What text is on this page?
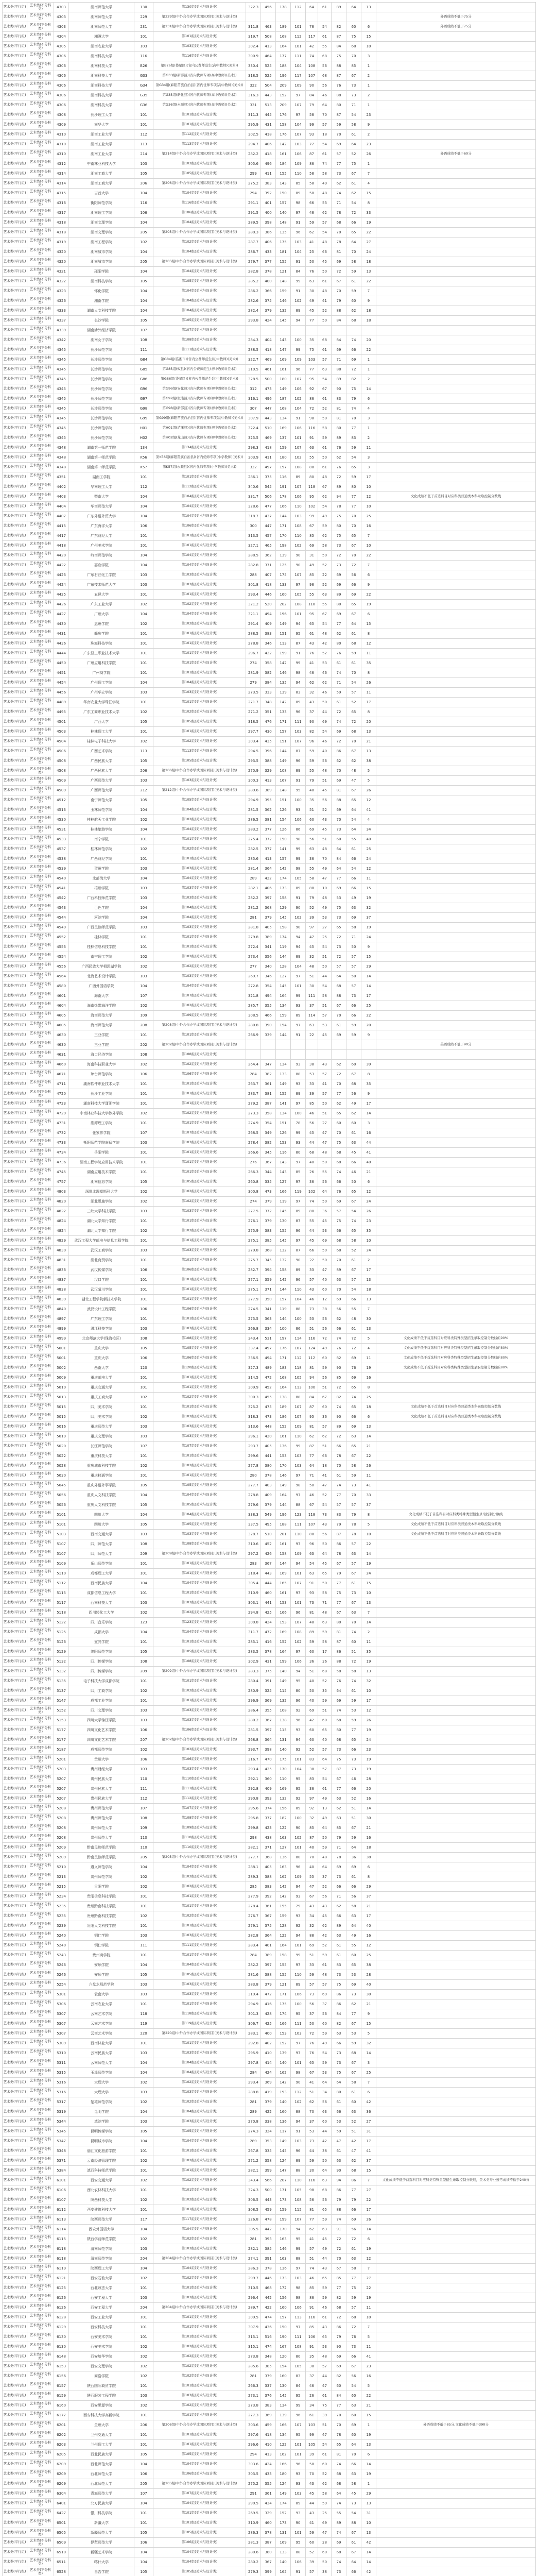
艺术类(平行组)	艺术类(不分科类)	4303	湖南师范大学	130	第130组(美术与设计类)	322.3	456	178	112	64	61	89	64	13	
艺术类(平行组)	艺术类(不分科类)	4303	湖南师范大学	229	第229组(中外合作办学或国际项目)(美术与设计类)										外语成绩不低于75分
艺术类(平行组)	艺术类(不分科类)	4303	湖南师范大学	231	第231组(中外合作办学或国际项目)(美术与设计类)	311.8	463	189	101	78	54	82	60	6	外语成绩不低于75分
艺术类(平行组)	艺术类(不分科类)	4304	湘潭大学	101	第101组(美术与设计类)	319.7	508	168	112	117	61	87	75	15	
艺术类(平行组)	艺术类(不分科类)	4305	湖南农业大学	103	第103组(美术与设计类)	302.4	413	164	101	42	55	84	68	10	
艺术类(平行组)	艺术类(不分科类)	4306	湖南科技大学	116	第116组(美术与设计类)	300.9	464	177	111	74	68	75	70	3	
艺术类(平行组)	艺术类(不分科类)	4306	湖南科技大学	B26	第B26组(娄星区)(省内公费师范生(高中教师)(美术))	330.4	525	188	104	108	56	88	85	1	
艺术类(平行组)	艺术类(不分科类)	4306	湖南科技大学	G33	第G33组(新邵县)(省内优师专项(高中教师)(美术))	318.5	525	196	117	107	68	87	67	2	
艺术类(平行组)	艺术类(不分科类)	4306	湖南科技大学	G34	第G34组(麻阳苗族自治县)(省内优师专项(高中教师)(美术))	322	504	209	109	90	56	76	73	1	
艺术类(平行组)	艺术类(不分科类)	4306	湖南科技大学	G35	第G35组(新化县)(省内优师专项(高中教师)(美术))	316.3	443	152	97	84	46	88	73	2	
艺术类(平行组)	艺术类(不分科类)	4306	湖南科技大学	G36	第G36组(永顺县)(省内优师专项(高中教师)(美术))	331	513	209	107	79	64	80	71	1	
艺术类(平行组)	艺术类(不分科类)	4308	长沙理工大学	101	第101组(美术与设计类)	311.3	445	176	97	58	70	87	54	23	
艺术类(平行组)	艺术类(不分科类)	4309	南华大学	101	第101组(美术与设计类)	295.9	431	158	104	99	57	59	58	9	
艺术类(平行组)	艺术类(不分科类)	4310	湖南工业大学	112	第112组(美术与设计类)	302.5	418	176	107	93	18	70	61	2	
艺术类(平行组)	艺术类(不分科类)	4310	湖南工业大学	113	第113组(美术与设计类)	294.7	406	142	103	77	54	69	64	23	
艺术类(平行组)	艺术类(不分科类)	4310	湖南工业大学	214	第214组(中外合作办学或国际项目)(美术与设计类)	282.2	418	161	106	87	61	57	52	26	外语成绩不低于60分
艺术类(平行组)	艺术类(不分科类)	4312	中南林业科技大学	103	第103组(美术与设计类)	305.6	496	184	109	86	74	77	75	1	
艺术类(平行组)	艺术类(不分科类)	4314	湖南工商大学	105	第105组(美术与设计类)	299	411	155	110	58	58	73	67	7	
艺术类(平行组)	艺术类(不分科类)	4314	湖南工商大学	206	第206组(中外合作办学或国际项目)(美术与设计类)	275.2	383	143	85	58	49	62	61	4	
艺术类(平行组)	艺术类(不分科类)	4315	吉首大学	104	第104组(美术与设计类)	294	392	150	89	58	48	74	62	15	
艺术类(平行组)	艺术类(不分科类)	4316	衡阳师范学院	116	第116组(美术与设计类)	291.1	401	157	98	66	53	71	54	8	
艺术类(平行组)	艺术类(不分科类)	4317	湖南理工学院	106	第106组(美术与设计类)	291.5	400	140	97	48	62	78	72	33	
艺术类(平行组)	艺术类(不分科类)	4318	湖南文理学院	104	第104组(美术与设计类)	289.5	398	148	91	59	57	68	66	19	
艺术类(平行组)	艺术类(不分科类)	4318	湖南文理学院	205	第205组(中外合作办学或国际项目)(美术与设计类)	280.3	386	135	96	62	54	70	65	22	
艺术类(平行组)	艺术类(不分科类)	4319	湖南工程学院	102	第102组(美术与设计类)	287.7	406	175	103	41	48	78	64	27	
艺术类(平行组)	艺术类(不分科类)	4320	湖南城市学院	104	第104组(美术与设计类)	286.7	433	181	104	25	66	81	70	24	
艺术类(平行组)	艺术类(不分科类)	4320	湖南城市学院	205	第205组(中外合作办学或国际项目)(美术与设计类)	279.7	377	155	91	50	45	69	58	18	
艺术类(平行组)	艺术类(不分科类)	4321	邵阳学院	104	第104组(美术与设计类)	282.8	378	121	84	76	50	72	59	13	
艺术类(平行组)	艺术类(不分科类)	4322	湖南科技学院	105	第105组(美术与设计类)	285.2	400	148	99	63	61	67	61	22	
艺术类(平行组)	艺术类(不分科类)	4323	怀化学院	104	第104组(美术与设计类)	286.2	366	159	91	30	48	70	59	7	
艺术类(平行组)	艺术类(不分科类)	4326	湘南学院	104	第104组(美术与设计类)	282.6	375	146	102	49	41	79	60	9	
艺术类(平行组)	艺术类(不分科类)	4333	湖南人文科技学院	104	第104组(美术与设计类)	282.4	379	132	89	45	52	88	62	18	
艺术类(平行组)	艺术类(不分科类)	4337	长沙学院	105	第105组(美术与设计类)	293.8	424	145	94	77	50	84	68	18	
艺术类(平行组)	艺术类(不分科类)	4339	湖南涉外经济学院	107	第107组(美术与设计类)										
艺术类(平行组)	艺术类(不分科类)	4342	湖南女子学院	108	第108组(美术与设计类)	284.3	404	143	100	35	68	84	74	20	
艺术类(平行组)	艺术类(不分科类)	4345	长沙师范学院	111	第111组(美术与设计类)	288.5	418	147	99	75	61	69	66	22	
艺术类(平行组)	艺术类(不分科类)	4345	长沙师范学院	G84	第G84组(临湘市)(省内公费师范生(初中教师)(美术))	322.7	469	169	109	103	57	71	69	1	
艺术类(平行组)	艺术类(不分科类)	4345	长沙师范学院	G85	第G85组(攸县)(省内公费师范生(初中教师)(美术))	310.5	461	161	96	77	63	88	72	1	
艺术类(平行组)	艺术类(不分科类)	4345	长沙师范学院	G86	第G86组(娄星区)(省内公费师范生(初中教师)(美术))	328.5	500	180	107	95	54	89	82	2	
艺术类(平行组)	艺术类(不分科类)	4345	长沙师范学院	G96	第G96组(安化县)(省内优师专项(初中教师)(美术))	312	473	149	106	92	67	90	75	14	
艺术类(平行组)	艺术类(不分科类)	4345	长沙师范学院	G97	第G97组(溆浦县)(省内优师专项(初中教师)(美术))	316.1	496	187	102	86	61	83	79	6	
艺术类(平行组)	艺术类(不分科类)	4345	长沙师范学院	G98	第G98组(新邵县)(省内优师专项(初中教师)(美术))	307	447	168	104	72	52	81	74	4	
艺术类(平行组)	艺术类(不分科类)	4345	长沙师范学院	G99	第G99组(麻阳苗族自治县)(省内优师专项(初中教师)(美术))	307.9	443	134	91	98	50	81	70	3	
艺术类(平行组)	艺术类(不分科类)	4345	长沙师范学院	H01	第H01组(泸溪县)(省内优师专项(初中教师)(美术))	322.4	510	169	106	116	58	80	77	1	
艺术类(平行组)	艺术类(不分科类)	4345	长沙师范学院	H02	第H02组(龙山县)(省内优师专项(初中教师)(美术))	325.5	469	137	101	91	59	89	83	2	
艺术类(平行组)	艺术类(不分科类)	4348	湖南第一师范学院	134	第134组(美术与设计类)	298.3	418	159	107	63	61	76	59	11	
艺术类(平行组)	艺术类(不分科类)	4348	湖南第一师范学院	K56	第K56组(麻阳苗族自治县)(省内优师专项(小学教师)(美术))	303.9	411	180	102	55	50	62	54	3	
艺术类(平行组)	艺术类(不分科类)	4348	湖南第一师范学院	K57	第K57组(永顺县)(省内优师专项(小学教师)(美术))	322	497	197	108	88	61	76	65	3	
艺术类(平行组)	艺术类(不分科类)	4351	湖南工学院	101	第101组(美术与设计类)	286.1	375	116	89	80	48	72	59	17	
艺术类(平行组)	艺术类(不分科类)	4402	华南理工大学	112	第112组(美术与设计类)	340.6	545	191	107	118	67	89	80	10	
艺术类(平行组)	艺术类(不分科类)	4403	暨南大学	104	第104组(美术与设计类)	331.7	506	178	106	95	62	94	77	12	文化成绩不低于首选科目对应科类普通类本科录取控制分数线
艺术类(平行组)	艺术类(不分科类)	4404	华南师范大学	104	第104组(美术与设计类)	328.6	477	166	110	102	54	78	77	10	
艺术类(平行组)	艺术类(不分科类)	4407	广东外语外贸大学	104	第104组(美术与设计类)	318.7	437	144	103	99	49	75	70	25	
艺术类(平行组)	艺术类(不分科类)	4415	广东海洋大学	106	第106组(美术与设计类)	300	447	171	108	67	59	80	70	16	
艺术类(平行组)	艺术类(不分科类)	4417	广东财经大学	101	第101组(美术与设计类)	313.5	457	170	110	85	62	75	65	7	
艺术类(平行组)	艺术类(不分科类)	4418	广州美术学院	101	第101组(美术与设计类)	327.1	465	198	102	69	58	73	67	10	
艺术类(平行组)	艺术类(不分科类)	4420	岭南师范学院	104	第104组(美术与设计类)	288.5	362	139	90	31	50	72	70	22	
艺术类(平行组)	艺术类(不分科类)	4422	嘉应学院	104	第104组(美术与设计类)	282.8	371	125	90	49	52	73	72	7	
艺术类(平行组)	艺术类(不分科类)	4423	广东石油化工学院	103	第103组(美术与设计类)	288	407	175	107	85	22	69	56	6	
艺术类(平行组)	艺术类(不分科类)	4424	广东技术师范大学	103	第103组(美术与设计类)	301.8	418	133	97	98	52	69	66	9	
艺术类(平行组)	艺术类(不分科类)	4425	五邑大学	101	第101组(美术与设计类)	293.4	446	160	105	55	63	89	69	22	
艺术类(平行组)	艺术类(不分科类)	4426	广东工业大学	102	第102组(美术与设计类)	321.2	520	202	108	118	55	80	65	19	
艺术类(平行组)	艺术类(不分科类)	4427	广州大学	104	第104组(美术与设计类)	321.1	494	196	101	95	67	69	67	6	
艺术类(平行组)	艺术类(不分科类)	4430	惠州学院	102	第102组(美术与设计类)	291.4	409	149	94	65	54	77	64	15	
艺术类(平行组)	艺术类(不分科类)	4431	肇庆学院	101	第101组(美术与设计类)	288.5	383	151	95	61	48	62	61	8	
艺术类(平行组)	艺术类(不分科类)	4436	珠海科技学院	101	第101组(美术与设计类)	278.8	346	113	87	43	42	80	68	12	
艺术类(平行组)	艺术类(不分科类)	4444	广东轻工职业技术大学	101	第101组(美术与设计类)	296.7	422	159	91	76	52	76	59	11	
艺术类(平行组)	艺术类(不分科类)	4450	广州应用科技学院	101	第101组(美术与设计类)	274	358	142	99	41	53	61	61	35	
艺术类(平行组)	艺术类(不分科类)	4451	广州商学院	101	第101组(美术与设计类)	281.9	382	146	98	46	46	74	70	8	
艺术类(平行组)	艺术类(不分科类)	4454	广州理工学院	104	第104组(美术与设计类)	279	384	135	94	62	62	71	54	26	
艺术类(平行组)	艺术类(不分科类)	4456	广州华立学院	103	第103组(美术与设计类)	273.5	333	139	83	32	46	59	57	11	
艺术类(平行组)	艺术类(不分科类)	4489	华南农业大学珠江学院	101	第101组(美术与设计类)	271.7	348	142	89	43	50	61	52	17	
艺术类(平行组)	艺术类(不分科类)	4495	广东工商职业技术大学	102	第102组(美术与设计类)	271.2	351	133	96	37	44	72	65	8	
艺术类(平行组)	艺术类(不分科类)	4501	广西大学	105	第105组(美术与设计类)	318.5	476	171	111	90	69	74	72	20	
艺术类(平行组)	艺术类(不分科类)	4503	桂林理工大学	101	第101组(美术与设计类)	297.7	430	157	103	82	54	69	68	13	
艺术类(平行组)	艺术类(不分科类)	4504	桂林电子科技大学	102	第102组(美术与设计类)	303.4	435	151	107	96	46	72	70	21	
艺术类(平行组)	艺术类(不分科类)	4506	广西艺术学院	113	第113组(美术与设计类)	294.5	396	144	87	59	40	86	67	13	
艺术类(平行组)	艺术类(不分科类)	4508	广西民族大学	105	第105组(美术与设计类)	293.5	388	149	96	59	56	62	62	38	
艺术类(平行组)	艺术类(不分科类)	4508	广西民族大学	206	第206组(中外合作办学或国际项目)(美术与设计类)	270.9	329	108	89	55	48	70	48	5	
艺术类(平行组)	艺术类(不分科类)	4509	广西师范大学	103	第103组(美术与设计类)	300.3	413	167	91	79	51	69	47	5	
艺术类(平行组)	艺术类(不分科类)	4509	广西师范大学	212	第212组(中外合作办学或国际项目)(美术与设计类)	289.6	389	148	95	48	45	81	67	26	
艺术类(平行组)	艺术类(不分科类)	4512	南宁师范大学	105	第105组(美术与设计类)	294.9	395	151	100	35	56	88	65	12	
艺术类(平行组)	艺术类(不分科类)	4513	玉林师范学院	104	第104组(美术与设计类)	281.5	362	126	93	51	52	69	64	41	
艺术类(平行组)	艺术类(不分科类)	4530	桂林航天工业学院	102	第102组(美术与设计类)	286.5	381	154	106	60	43	70	54	4	
艺术类(平行组)	艺术类(不分科类)	4531	桂林旅游学院	104	第104组(美术与设计类)	283.2	377	126	86	69	45	73	64	34	
艺术类(平行组)	艺术类(不分科类)	4533	南宁学院	101	第101组(美术与设计类)	275.4	372	150	98	56	51	60	55	40	
艺术类(平行组)	艺术类(不分科类)	4537	桂林师范学院	102	第102组(美术与设计类)	282.5	377	141	99	63	48	64	61	25	
艺术类(平行组)	艺术类(不分科类)	4538	广西财经学院	101	第101组(美术与设计类)	285.6	413	157	99	36	70	84	66	24	
艺术类(平行组)	艺术类(不分科类)	4539	贺州学院	103	第103组(美术与设计类)	281.4	364	142	98	55	49	64	54	12	
艺术类(平行组)	艺术类(不分科类)	4540	北部湾大学	104	第104组(美术与设计类)	289	422	174	105	58	47	77	66	11	
艺术类(平行组)	艺术类(不分科类)	4541	梧州学院	103	第103组(美术与设计类)	282.1	406	173	89	88	10	69	66	15	
艺术类(平行组)	艺术类(不分科类)	4542	广西科技师范学院	103	第103组(美术与设计类)	282.2	397	158	91	79	48	53	49	19	
艺术类(平行组)	艺术类(不分科类)	4543	百色学院	104	第104组(美术与设计类)	281.2	368	129	90	52	49	75	63	32	
艺术类(平行组)	艺术类(不分科类)	4544	河池学院	104	第104组(美术与设计类)	281	379	145	102	39	53	73	69	37	
艺术类(平行组)	艺术类(不分科类)	4549	广西民族师范学院	103	第103组(美术与设计类)	281.8	405	158	90	97	27	65	58	19	
艺术类(平行组)	艺术类(不分科类)	4552	桂林学院	101	第101组(美术与设计类)	279.8	389	174	94	47	25	72	71	24	
艺术类(平行组)	艺术类(不分科类)	4553	桂林信息科技学院	101	第101组(美术与设计类)	272.4	341	119	94	45	54	73	50	9	
艺术类(平行组)	艺术类(不分科类)	4554	南宁理工学院	102	第102组(美术与设计类)	273.4	356	144	89	32	51	72	57	15	
艺术类(平行组)	艺术类(不分科类)	4556	广西民族大学相思湖学院	102	第102组(美术与设计类)	277	340	128	104	48	50	57	57	29	
艺术类(平行组)	艺术类(不分科类)	4564	北海艺术设计学院	103	第103组(美术与设计类)	269.7	346	127	97	51	44	64	50	14	
艺术类(平行组)	艺术类(不分科类)	4580	广西外国语学院	104	第104组(美术与设计类)	272.8	354	145	101	30	54	68	57	14	
艺术类(平行组)	艺术类(不分科类)	4601	海南大学	107	第107组(美术与设计类)	321.8	494	164	99	111	58	88	73	17	
艺术类(平行组)	艺术类(不分科类)	4604	海南热带海洋学院	102	第102组(美术与设计类)	285.7	355	134	93	37	51	67	66	25	
艺术类(平行组)	艺术类(不分科类)	4605	海南师范大学	109	第109组(美术与设计类)	308.5	466	159	89	114	57	70	66	22	
艺术类(平行组)	艺术类(不分科类)	4605	海南师范大学	208	第208组(中外合作办学或国际项目)(美术与设计类)	280.8	390	154	97	63	53	61	59	20	
艺术类(平行组)	艺术类(不分科类)	4630	三亚学院	101	第101组(美术与设计类)	266.9	339	144	91	22	45	69	59	9	
艺术类(平行组)	艺术类(不分科类)	4630	三亚学院	202	第202组(中外合作办学或国际项目)(美术与设计类)										英语成绩不低于90分
艺术类(平行组)	艺术类(不分科类)	4631	海口经济学院	108	第108组(美术与设计类)										
艺术类(平行组)	艺术类(不分科类)	4660	海南科技职业大学	102	第102组(美术与设计类)	264.4	347	134	93	38	43	62	60	39	
艺术类(平行组)	艺术类(不分科类)	4671	琼台师范学院	106	第106组(美术与设计类)	284	382	133	88	53	57	72	67	8	
艺术类(平行组)	艺术类(不分科类)	4711	湖南软件职业技术大学	101	第101组(美术与设计类)	263.7	361	149	93	33	41	70	68	35	
艺术类(平行组)	艺术类(不分科类)	4720	长沙工业学院	101	第101组(美术与设计类)	283.7	381	152	89	39	57	77	56	9	
艺术类(平行组)	艺术类(不分科类)	4723	湖南科技大学潇湘学院	101	第101组(美术与设计类)	279.2	387	141	97	85	50	62	49	17	
艺术类(平行组)	艺术类(不分科类)	4729	中南林业科技大学涉外学院	102	第102组(美术与设计类)	273.3	358	134	100	46	51	65	62	14	
艺术类(平行组)	艺术类(不分科类)	4731	湘潭理工学院	101	第101组(美术与设计类)	274.9	354	151	78	56	27	60	60	3	
艺术类(平行组)	艺术类(不分科类)	4732	张家界学院	107	第107组(美术与设计类)	268.5	349	126	99	45	47	70	61	16	
艺术类(平行组)	艺术类(不分科类)	4733	衡阳师范学院南岳学院	103	第103组(美术与设计类)	278.4	382	153	93	44	47	75	63	44	
艺术类(平行组)	艺术类(不分科类)	4734	岳阳学院	101	第101组(美术与设计类)	266.6	345	116	80	68	48	68	45	41	
艺术类(平行组)	艺术类(不分科类)	4736	湖南工程学院应用技术学院	101	第101组(美术与设计类)	276	367	143	97	40	50	68	66	40	
艺术类(平行组)	艺术类(不分科类)	4745	湖南应用技术学院	101	第101组(美术与设计类)	266.3	344	143	85	26	55	74	46	21	
艺术类(平行组)	艺术类(不分科类)	4757	湖南信息学院	105	第105组(美术与设计类)	260.8	335	127	97	36	56	66	50	6	
艺术类(平行组)	艺术类(不分科类)	4803	深圳北理莫斯科大学	102	第102组(美术与设计类)	300.8	473	166	119	102	64	76	65	12	
艺术类(平行组)	艺术类(不分科类)	4820	湖北恩施学院	102	第102组(美术与设计类)	274	379	119	97	74	50	69	67	24	
艺术类(平行组)	艺术类(不分科类)	4822	三峡大学科技学院	103	第103组(美术与设计类)	277.5	372	145	89	80	36	57	54	26	
艺术类(平行组)	艺术类(不分科类)	4824	湖北大学知行学院	101	第101组(美术与设计类)	276.1	379	130	87	55	45	75	74	23	
艺术类(平行组)	艺术类(不分科类)	4824	湖北大学知行学院	102	第102组(美术与设计类)	275.9	383	155	96	44	53	66	65	35	
艺术类(平行组)	艺术类(不分科类)	4829	武汉工程大学邮电与信息工程学院	101	第101组(美术与设计类)	275.1	385	145	97	45	69	68	58	10	
艺术类(平行组)	艺术类(不分科类)	4830	武汉工商学院	103	第103组(美术与设计类)	279.8	368	132	87	66	50	68	52	24	
艺术类(平行组)	艺术类(不分科类)	4831	湖北商贸学院	101	第101组(美术与设计类)	275.7	345	132	90	22	50	70	61	2	
艺术类(平行组)	艺术类(不分科类)	4836	武汉传媒学院	106	第106组(美术与设计类)	282.7	394	158	89	33	47	89	67	17	
艺术类(平行组)	艺术类(不分科类)	4837	汉口学院	101	第101组(美术与设计类)	277.1	359	142	96	57	40	63	57	13	
艺术类(平行组)	艺术类(不分科类)	4838	武汉晴川学院	101	第101组(美术与设计类)	275.1	371	144	110	43	60	70	54	18	
艺术类(平行组)	艺术类(不分科类)	4839	湖北工程学院新技术学院	101	第101组(美术与设计类)	277.9	350	157	104	46	12	69	66	13	
艺术类(平行组)	艺术类(不分科类)	4840	武汉设计工程学院	106	第106组(美术与设计类)	274.5	341	119	88	73	38	56	55	7	
艺术类(平行组)	艺术类(不分科类)	4897	广东理工学院	101	第101组(美术与设计类)	275.5	363	144	100	53	56	62	48	30	
艺术类(平行组)	艺术类(不分科类)	4899	湛江科技学院	103	第103组(美术与设计类)	266.8	334	100	86	51	56	66	61	13	
艺术类(平行组)	艺术类(不分科类)	4999	北京师范大学(珠海校区)	108	第108组(美术与设计类)	343.4	531	197	114	116	72	74	72	5	文化成绩不低于首选科目对应科类特殊类型招生录取控制分数线的90%
艺术类(平行组)	艺术类(不分科类)	5001	重庆大学	105	第105组(美术与设计类)	337.4	497	176	107	124	49	76	72	4	文化成绩不低于首选科目对应科类特殊类型招生录取控制分数线的80%
艺术类(平行组)	艺术类(不分科类)	5001	重庆大学	106	第106组(美术与设计类)	336.5	494	171	112	112	60	82	69	11	文化成绩不低于首选科目对应科类特殊类型招生录取控制分数线的80%
艺术类(平行组)	艺术类(不分科类)	5002	西南大学	120	第120组(美术与设计类)	327.3	489	183	118	81	59	90	76	19	文化成绩不低于首选科目对应科类特殊类型招生录取控制分数线的80%
艺术类(平行组)	艺术类(不分科类)	5009	重庆邮电大学	101	第101组(美术与设计类)	314.5	472	168	105	94	56	85	69	16	
艺术类(平行组)	艺术类(不分科类)	5010	重庆交通大学	101	第101组(美术与设计类)	309.9	452	164	113	100	51	72	65	8	
艺术类(平行组)	艺术类(不分科类)	5013	重庆工商大学	102	第102组(美术与设计类)	300.3	455	138	88	84	67	82	74	25	
艺术类(平行组)	艺术类(不分科类)	5015	四川美术学院	101	第101组(美术与设计类)	325.2	475	189	107	87	60	74	65	18	文化成绩不低于首选科目对应科类普通类本科录取控制分数线
艺术类(平行组)	艺术类(不分科类)	5015	四川美术学院	102	第102组(美术与设计类)	318.3	473	186	107	95	36	90	66	6	文化成绩不低于首选科目对应科类普通类本科录取控制分数线
艺术类(平行组)	艺术类(不分科类)	5016	重庆师范大学	103	第103组(美术与设计类)	313.6	448	152	109	81	57	89	69	13	
艺术类(平行组)	艺术类(不分科类)	5019	重庆文理学院	103	第103组(美术与设计类)	296.1	420	161	110	62	62	72	63	14	
艺术类(平行组)	艺术类(不分科类)	5020	长江师范学院	107	第107组(美术与设计类)	293.7	405	136	99	87	51	66	65	21	
艺术类(平行组)	艺术类(不分科类)	5022	重庆科技大学	101	第101组(美术与设计类)	299.6	441	153	103	77	66	78	67	22	
艺术类(平行组)	艺术类(不分科类)	5028	重庆城市科技学院	102	第102组(美术与设计类)	277.8	380	170	103	64	18	70	58	26	
艺术类(平行组)	艺术类(不分科类)	5030	重庆移通学院	101	第101组(美术与设计类)	280	378	146	97	71	41	61	59	11	
艺术类(平行组)	艺术类(不分科类)	5045	重庆外语外事学院	105	第105组(美术与设计类)	277.7	403	149	98	50	47	74	73	41	
艺术类(平行组)	艺术类(不分科类)	5056	重庆人文科技学院	104	第104组(美术与设计类)	278.8	409	164	97	46	52	77	70	33	
艺术类(平行组)	艺术类(不分科类)	5056	重庆人文科技学院	105	第105组(美术与设计类)	279.6	379	144	88	67	54	57	57	37	
艺术类(平行组)	艺术类(不分科类)	5101	四川大学	104	第104组(美术与设计类)	338.3	549	196	123	118	73	83	79	8	文化成绩不低于首选科目对应科类特殊类型招生录取控制分数线
艺术类(平行组)	艺术类(不分科类)	5101	四川大学	105	第105组(美术与设计类)	337.5	495	188	111	107	43	79	78	5	文化成绩不低于首选科目对应科类普通类本科录取控制分数线
艺术类(平行组)	艺术类(不分科类)	5103	西南交通大学	103	第103组(美术与设计类)	328.7	510	201	110	88	56	87	78	10	文化成绩不低于首选科目对应科类普通类本科录取控制分数线
艺术类(平行组)	艺术类(不分科类)	5107	四川师范大学	108	第108组(美术与设计类)	310.6	452	161	97	96	50	86	57	22	
艺术类(平行组)	艺术类(不分科类)	5107	四川师范大学	209	第209组(中外合作办学或国际项目)(美术与设计类)	297.2	426	158	109	63	64	78	63	14	
艺术类(平行组)	艺术类(不分科类)	5109	乐山师范学院	101	第101组(美术与设计类)	283	367	144	94	54	45	67	57	19	
艺术类(平行组)	艺术类(不分科类)	5110	成都理工大学	101	第101组(美术与设计类)	318.4	443	169	101	63	65	79	67	24	
艺术类(平行组)	艺术类(不分科类)	5112	西南民族大学	104	第104组(美术与设计类)	305.4	444	165	107	91	50	77	61	15	
艺术类(平行组)	艺术类(不分科类)	5115	成都信息工程大学	101	第101组(美术与设计类)	310.9	460	161	97	93	58	75	73	10	
艺术类(平行组)	艺术类(不分科类)	5117	西南科技大学	103	第103组(美术与设计类)	303.1	441	153	101	73	71	77	67	13	
艺术类(平行组)	艺术类(不分科类)	5118	四川轻化工大学	102	第102组(美术与设计类)	294.8	425	166	96	81	48	67	63	7	
艺术类(平行组)	艺术类(不分科类)	5122	四川音乐学院	123	第123组(美术与设计类)	300.8	424	153	107	48	63	80	70	14	
艺术类(平行组)	艺术类(不分科类)	5125	成都大学	104	第104组(美术与设计类)	311.7	472	169	108	89	59	81	74	2	
艺术类(平行组)	艺术类(不分科类)	5126	宜宾学院	101	第101组(美术与设计类)	285.1	416	152	102	59	58	87	60	11	
艺术类(平行组)	艺术类(不分科类)	5129	绵阳师范学院	105	第105组(美术与设计类)	283.5	378	164	97	60	17	86	51	35	
艺术类(平行组)	艺术类(不分科类)	5132	四川传媒学院	108	第108组(美术与设计类)	302.9	431	199	106	36	36	88	72	19	
艺术类(平行组)	艺术类(不分科类)	5132	四川传媒学院	209	第209组(中外合作办学或国际项目)(美术与设计类)	283.3	375	140	94	51	68	58	58	13	
艺术类(平行组)	艺术类(不分科类)	5135	电子科技大学成都学院	101	第101组(美术与设计类)	280.4	391	149	95	40	52	76	74	32	
艺术类(平行组)	艺术类(不分科类)	5137	四川工商学院	102	第102组(美术与设计类)	280.9	325	115	80	50	35	64	61	10	
艺术类(平行组)	艺术类(不分科类)	5147	成都工业学院	101	第101组(美术与设计类)	296.9	369	132	96	40	59	69	59	17	
艺术类(平行组)	艺术类(不分科类)	5152	四川文理学院	103	第103组(美术与设计类)	286.4	355	108	92	69	51	74	53	12	
艺术类(平行组)	艺术类(不分科类)	5153	四川大学锦江学院	103	第103组(美术与设计类)	280.2	367	138	96	42	60	68	59	26	
艺术类(平行组)	艺术类(不分科类)	5177	四川文化艺术学院	106	第106组(美术与设计类)	281.5	397	115	93	60	65	80	77	19	
艺术类(平行组)	艺术类(不分科类)	5177	四川文化艺术学院	207	第207组(中外合作办学或国际项目)(美术与设计类)	268.8	364	131	94	60	40	68	65	24	
艺术类(平行组)	艺术类(不分科类)	5187	成都师范学院	102	第102组(美术与设计类)	293.7	398	140	92	52	57	73	66	23	
艺术类(平行组)	艺术类(不分科类)	5201	贵州大学	106	第106组(美术与设计类)	316.7	470	175	101	83	64	75	73	19	
艺术类(平行组)	艺术类(不分科类)	5203	贵州财经大学	103	第103组(美术与设计类)	293.4	425	170	104	38	57	87	73	19	
艺术类(平行组)	艺术类(不分科类)	5207	贵州民族大学	110	第110组(美术与设计类)	292.1	360	110	95	83	54	67	46	28	
艺术类(平行组)	艺术类(不分科类)	5207	贵州民族大学	111	第111组(美术与设计类)	292.8	409	169	95	36	61	77	66	20	
艺术类(平行组)	艺术类(不分科类)	5207	贵州民族大学	112	第112组(美术与设计类)	290.8	393	132	92	97	49	63	52	16	
艺术类(平行组)	艺术类(不分科类)	5208	贵州师范大学	107	第107组(美术与设计类)	295.6	374	156	89	92	13	62	51	14	
艺术类(平行组)	艺术类(不分科类)	5208	贵州师范大学	108	第108组(美术与设计类)	295.8	377	182	100	32	49	63	51	30	
艺术类(平行组)	艺术类(不分科类)	5208	贵州师范大学	109	第109组(美术与设计类)	299.8	423	122	90	85	64	85	67	21	
艺术类(平行组)	艺术类(不分科类)	5208	贵州师范大学	110	第110组(美术与设计类)	298	438	163	102	87	50	79	59	16	
艺术类(平行组)	艺术类(不分科类)	5209	黔南民族师范学院	110	第110组(美术与设计类)	282.1	371	127	101	40	59	71	64	18	
艺术类(平行组)	艺术类(不分科类)	5209	黔南民族师范学院	205	第205组(中外合作办学或国际项目)(美术与设计类)	277.7	368	136	80	70	48	78	36	38	
艺术类(平行组)	艺术类(不分科类)	5210	遵义师范学院	104	第104组(美术与设计类)	288.1	405	163	96	40	64	69	69	6	
艺术类(平行组)	艺术类(不分科类)	5213	贵州师范学院	102	第102组(美术与设计类)	289.3	388	162	109	55	37	73	61	8	
艺术类(平行组)	艺术类(不分科类)	5215	贵阳学院	102	第102组(美术与设计类)	285	383	142	94	47	52	66	66	29	
艺术类(平行组)	艺术类(不分科类)	5234	贵阳信息科技学院	101	第101组(美术与设计类)	277.9	392	142	93	67	56	71	56	37	
艺术类(平行组)	艺术类(不分科类)	5235	贵州黔南科技学院	101	第101组(美术与设计类)	278.4	361	155	79	43	43	62	58	21	
艺术类(平行组)	艺术类(不分科类)	5235	贵州黔南科技学院	102	第102组(美术与设计类)	276.7	367	159	93	34	45	66	63	17	
艺术类(平行组)	艺术类(不分科类)	5239	贵阳人文科技学院	101	第101组(美术与设计类)	279.1	375	128	92	32	62	89	64	40	
艺术类(平行组)	艺术类(不分科类)	5240	铜仁学院	103	第103组(美术与设计类)	282.8	364	122	94	88	42	63	49	16	
艺术类(平行组)	艺术类(不分科类)	5240	铜仁学院	111	第111组(美术与设计类)	283.4	401	164	101	69	52	61	55	12	
艺术类(平行组)	艺术类(不分科类)	5243	贵州商学院	101	第101组(美术与设计类)	284	389	158	99	51	59	61	60	25	
艺术类(平行组)	艺术类(不分科类)	5246	安顺学院	104	第104组(美术与设计类)	282.2	397	155	97	33	61	83	65	38	
艺术类(平行组)	艺术类(不分科类)	5246	安顺学院	105	第105组(美术与设计类)	281.6	388	155	110	59	48	73	53	28	
艺术类(平行组)	艺术类(不分科类)	5254	六盘水师范学院	103	第103组(美术与设计类)	283.8	379	121	89	57	57	75	69	40	
艺术类(平行组)	艺术类(不分科类)	5301	云南大学	103	第103组(美术与设计类)	319.4	472	171	106	73	69	86	73	30	
艺术类(平行组)	艺术类(不分科类)	5306	云南农业大学	101	第101组(美术与设计类)	294.9	416	175	100	56	37	86	62	21	
艺术类(平行组)	艺术类(不分科类)	5307	云南艺术学院	118	第118组(美术与设计类)	301.3	428	174	95	37	56	84	77	9	
艺术类(平行组)	艺术类(不分科类)	5307	云南艺术学院	119	第119组(美术与设计类)	306.7	425	166	111	50	60	82	67	15	
艺术类(平行组)	艺术类(不分科类)	5307	云南艺术学院	220	第220组(中外合作办学或国际项目)(美术与设计类)	283.1	400	153	103	72	59	63	53	5	
艺术类(平行组)	艺术类(不分科类)	5309	西南林业大学	101	第101组(美术与设计类)	292.8	402	152	97	76	49	66	59	32	
艺术类(平行组)	艺术类(不分科类)	5310	云南民族大学	103	第103组(美术与设计类)	295.9	410	139	97	76	54	73	68	14	
艺术类(平行组)	艺术类(不分科类)	5311	云南师范大学	104	第104组(美术与设计类)	297.8	414	140	101	65	59	73	67	3	
艺术类(平行组)	艺术类(不分科类)	5315	玉溪师范学院	104	第104组(美术与设计类)	284	424	162	98	67	53	75	67	25	
艺术类(平行组)	艺术类(不分科类)	5316	大理大学	102	第102组(美术与设计类)	293.4	369	142	90	41	64	64	58	7	
艺术类(平行组)	艺术类(不分科类)	5316	大理大学	103	第103组(美术与设计类)	288.8	419	193	112	51	34	80	61	6	
艺术类(平行组)	艺术类(不分科类)	5317	楚雄师范学院	102	第102组(美术与设计类)	281	379	140	102	62	56	61	60	42	
艺术类(平行组)	艺术类(不分科类)	5319	昆明学院	104	第104组(美术与设计类)	289	422	160	88	70	63	66	63	36	
艺术类(平行组)	艺术类(不分科类)	5344	滇池学院	103	第103组(美术与设计类)	270.8	338	136	94	37	60	53	52	27	
艺术类(平行组)	艺术类(不分科类)	5345	昆明传媒学院	105	第105组(美术与设计类)	274.3	324	117	91	53	44	59	51	31	
艺术类(平行组)	艺术类(不分科类)	5347	昆明城市学院	104	第104组(美术与设计类)	289	353	149	103	73	42	47	42	17	
艺术类(平行组)	艺术类(不分科类)	5348	丽江文化旅游学院	101	第101组(美术与设计类)	267.8	335	145	96	44	38	61	47	41	
艺术类(平行组)	艺术类(不分科类)	5371	云南经济管理学院	102	第102组(美术与设计类)	271.2	358	124	89	59	50	63	62	37	
艺术类(平行组)	艺术类(不分科类)	5384	滇西科技师范学院	101	第101组(美术与设计类)	282.1	399	147	88	30	64	90	68	15	
艺术类(平行组)	艺术类(不分科类)	6101	西安交通大学	102	第102组(美术与设计类)	343.4	566	207	110	116	63	94	86	7	文化成绩不低于首选科目对应科类特殊类型招生录取控制分数线，美术类专业统考成绩不低于240分
艺术类(平行组)	艺术类(不分科类)	6106	西北农林科技大学	101	第101组(美术与设计类)	324.3	500	171	105	98	68	86	77	27	
艺术类(平行组)	艺术类(不分科类)	6107	陕西科技大学	102	第102组(美术与设计类)	306.5	443	173	108	56	56	79	79	22	
艺术类(平行组)	艺术类(不分科类)	6112	西安建筑科技大学	101	第101组(美术与设计类)	308.5	459	159	115	81	65	88	66	17	
艺术类(平行组)	艺术类(不分科类)	6113	陕西师范大学	117	第117组(美术与设计类)	326.8	478	199	107	77	59	74	69	26	
艺术类(平行组)	艺术类(不分科类)	6114	西安外国语大学	104	第104组(美术与设计类)	305.5	442	170	94	62	63	91	56	14	
艺术类(平行组)	艺术类(不分科类)	6115	陕西学前师范学院	102	第102组(美术与设计类)	281	393	163	95	41	45	72	72	6	
艺术类(平行组)	艺术类(不分科类)	6118	渭南师范学院	103	第103组(美术与设计类)	282.1	385	146	99	57	49	72	61	19	
艺术类(平行组)	艺术类(不分科类)	6118	渭南师范学院	204	第204组(中外合作办学或国际项目)(美术与设计类)	274.1	391	163	88	51	44	70	63	12	
艺术类(平行组)	艺术类(不分科类)	6119	陕西理工大学	104	第104组(美术与设计类)	286.3	378	136	97	74	43	67	58	7	
艺术类(平行组)	艺术类(不分科类)	6121	西安石油大学	102	第102组(美术与设计类)	299.7	446	173	103	46	65	85	77	27	
艺术类(平行组)	艺术类(不分科类)	6125	西北政法大学	101	第101组(美术与设计类)	310.5	468	172	98	85	59	77	75	22	
艺术类(平行组)	艺术类(不分科类)	6126	西安工程大学	103	第103组(美术与设计类)	296.4	442	156	98	86	59	82	59	19	
艺术类(平行组)	艺术类(不分科类)	6126	西安工程大学	204	第204组(中外合作办学或国际项目)(美术与设计类)	289.7	422	160	106	91	46	68	57	11	
艺术类(平行组)	艺术类(不分科类)	6128	西安工业大学	101	第101组(美术与设计类)	309.5	474	157	113	116	61	72	68	10	
艺术类(平行组)	艺术类(不分科类)	6129	西安科技大学	101	第101组(美术与设计类)	307.9	436	150	97	85	43	86	72	7	
艺术类(平行组)	艺术类(不分科类)	6130	西安美术学院	101	第101组(美术与设计类)	315.1	516	190	111	106	65	79	76	5	
艺术类(平行组)	艺术类(不分科类)	6130	西安美术学院	102	第102组(美术与设计类)	315.1	474	167	108	91	53	90	73	11	
艺术类(平行组)	艺术类(不分科类)	6148	西安培华学院	102	第102组(美术与设计类)	273.8	348	120	80	35	48	69	66	41	
艺术类(平行组)	艺术类(不分科类)	6153	西安文理学院	102	第102组(美术与设计类)	285.6	385	154	105	38	57	69	67	23	
艺术类(平行组)	艺术类(不分科类)	6156	商洛学院	102	第102组(美术与设计类)	281	379	160	83	37	44	82	56	16	
艺术类(平行组)	艺术类(不分科类)	6157	陕西国际商贸学院	101	第101组(美术与设计类)	266.3	337	130	84	46	47	60	54	5	
艺术类(平行组)	艺术类(不分科类)	6159	陕西服装工程学院	103	第103组(美术与设计类)	273.1	376	145	95	26	61	84	60	22	
艺术类(平行组)	艺术类(不分科类)	6160	西安思源学院	102	第102组(美术与设计类)	273.8	383	134	99	34	75	77	63	21	
艺术类(平行组)	艺术类(不分科类)	6177	西安科技大学高新学院	101	第101组(美术与设计类)	277.3	369	139	96	61	39	70	60	15	
艺术类(平行组)	艺术类(不分科类)	6201	兰州大学	206	第206组(中外合作办学或国际项目)(美术与设计类)	303.6	459	166	107	103	51	70	69	1	外语成绩不低于85分,文化成绩不低于390分
艺术类(平行组)	艺术类(不分科类)	6202	兰州交通大学	101	第101组(美术与设计类)	297.6	418	134	95	99	47	78	60	19	
艺术类(平行组)	艺术类(不分科类)	6203	兰州理工大学	101	第101组(美术与设计类)	296.6	410	122	101	105	54	65	64	13	
艺术类(平行组)	艺术类(不分科类)	6205	西北民族大学	105	第105组(美术与设计类)	294	413	162	101	39	61	81	70	6	
艺术类(平行组)	艺术类(不分科类)	6209	西北师范大学	104	第104组(美术与设计类)	303.6	424	166	96	58	60	74	66	14	
艺术类(平行组)	艺术类(不分科类)	6209	西北师范大学	106	第106组(美术与设计类)	303.5	433	180	93	70	52	68	63	19	
艺术类(平行组)	艺术类(不分科类)	6209	西北师范大学	205	第205组(中外合作办学或国际项目)(美术与设计类)	275.2	355	124	93	43	62	68	58	1	
艺术类(平行组)	艺术类(不分科类)	6304	青海师范大学	107	第107组(美术与设计类)	291	361	149	103	45	58	64	45	29	
艺术类(平行组)	艺术类(不分科类)	6401	北方民族大学	104	第104组(美术与设计类)	290.5	434	174	89	44	59	74	73	13	
艺术类(平行组)	艺术类(不分科类)	6427	银川科技学院	101	第101组(美术与设计类)	269.5	329	152	93	43	25	55	54	31	
艺术类(平行组)	艺术类(不分科类)	6501	新疆大学	101	第101组(美术与设计类)	310.9	460	173	90	41	69	89	88	10	
艺术类(平行组)	艺术类(不分科类)	6505	新疆师范大学	105	第105组(美术与设计类)	286.3	378	131	101	59	47	74	67	13	
艺术类(平行组)	艺术类(不分科类)	6509	伊犁师范大学	106	第106组(美术与设计类)	281.3	387	169	95	60	28	69	61	42	
艺术类(平行组)	艺术类(不分科类)	6510	新疆艺术学院	104	第104组(美术与设计类)	280.6	380	133	88	52	60	68	67	14	
艺术类(平行组)	艺术类(不分科类)	6511	喀什大学	104	第104组(美术与设计类)	280.2	367	140	106	39	50	74	64	14	
艺术类(平行组)	艺术类(不分科类)	6528	昌吉学院	105	第105组(美术与设计类)	279.3	399	165	91	57	38	73	66	42	
